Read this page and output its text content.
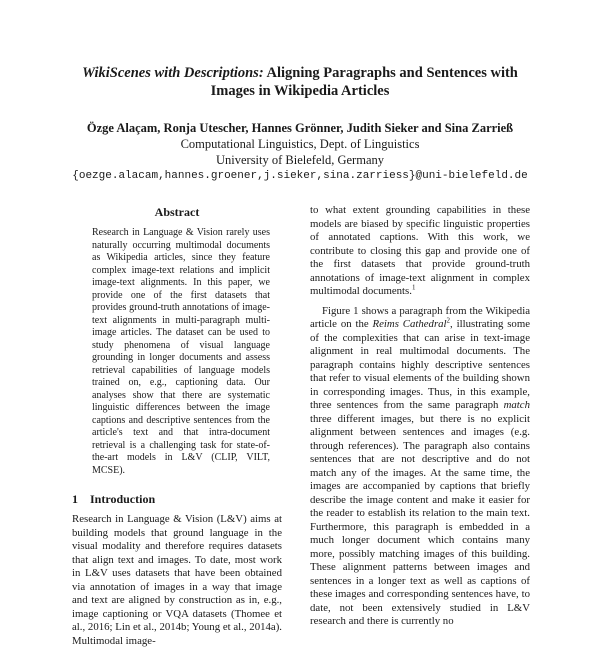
WikiScenes with Descriptions: Aligning Paragraphs and Sentences with Images in Wikipedia Articles
Özge Alaçam, Ronja Utescher, Hannes Grönner, Judith Sieker and Sina Zarrieß
Computational Linguistics, Dept. of Linguistics
University of Bielefeld, Germany
{oezge.alacam,hannes.groener,j.sieker,sina.zarriess}@uni-bielefeld.de
Abstract
Research in Language & Vision rarely uses naturally occurring multimodal documents as Wikipedia articles, since they feature complex image-text relations and implicit image-text alignments. In this paper, we provide one of the first datasets that provides ground-truth annotations of image-text alignments in multi-paragraph multi-image articles. The dataset can be used to study phenomena of visual language grounding in longer documents and assess retrieval capabilities of language models trained on, e.g., captioning data. Our analyses show that there are systematic linguistic differences between the image captions and descriptive sentences from the article's text and that intra-document retrieval is a challenging task for state-of-the-art models in L&V (CLIP, VILT, MCSE).
1 Introduction

Research in Language & Vision (L&V) aims at building models that ground language in the visual modality and therefore requires datasets that align text and images. To date, most work in L&V uses datasets that have been obtained via annotation of images in a way that image and text are aligned by construction as in, e.g., image captioning or VQA datasets (Thomee et al., 2016; Lin et al., 2014b; Young et al., 2014a). Multimodal image-

to what extent grounding capabilities in these models are biased by specific linguistic properties of annotated captions. With this work, we contribute to closing this gap and provide one of the first datasets that provide ground-truth annotations of image-text alignment in complex multimodal documents.$^1$

Figure 1 shows a paragraph from the Wikipedia article on the Reims Cathedral$^2$, illustrating some of the complexities that can arise in text-image alignment in real multimodal documents. The paragraph contains highly descriptive sentences that refer to visual elements of the building shown in corresponding images. Thus, in this example, three sentences from the same paragraph match three different images, but there is no explicit alignment between sentences and images (e.g. through references). The paragraph also contains sentences that are not descriptive and do not match any of the images. At the same time, the images are accompanied by captions that briefly describe the image content and make it easier for the reader to establish its relation to the main text. Furthermore, this paragraph is embedded in a much longer document which contains many more, possibly matching images of this building. These alignment patterns between images and sentences in a longer text as well as captions of these images and corresponding sentences have, to date, not been extensively studied in L&V research and there is currently no
